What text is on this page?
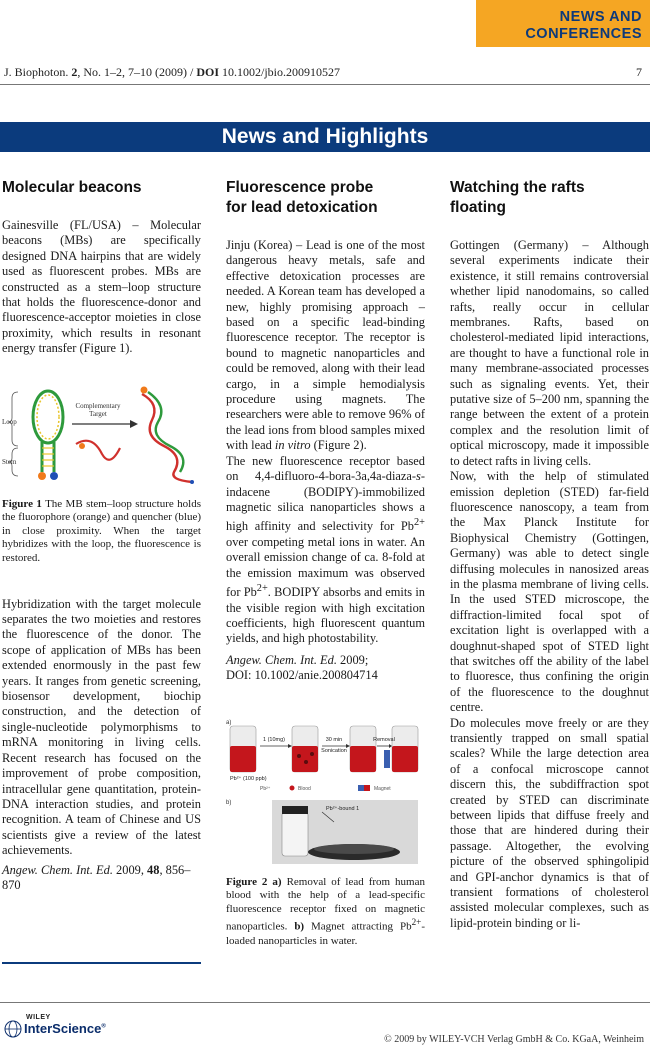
NEWS AND
CONFERENCES
J. Biophoton. 2, No. 1–2, 7–10 (2009) / DOI 10.1002/jbio.200910527	7
News and Highlights
Molecular beacons

Gainesville (FL/USA) – Molecular beacons (MBs) are specifically designed DNA hairpins that are widely used as fluorescent probes. MBs are constructed as a stem–loop structure that holds the fluorescence-donor and fluorescence-acceptor moieties in close proximity, which results in resonant energy transfer (Figure 1).

Loop
Stem
Complementary
Target
Figure 1 The MB stem–loop structure holds the fluorophore (orange) and quencher (blue) in close proximity. When the target hybridizes with the loop, the fluorescence is restored.

Hybridization with the target molecule separates the two moieties and restores the fluorescence of the donor. The scope of application of MBs has been extended enormously in the past few years. It ranges from genetic screening, biosensor development, biochip construction, and the detection of single-nucleotide polymorphisms to mRNA monitoring in living cells. Recent research has focused on the improvement of probe composition, intracellular gene quantitation, protein-DNA interaction studies, and protein recognition. A team of Chinese and US scientists give a review of the latest achievements.

Angew. Chem. Int. Ed. 2009, 48, 856–870
Fluorescence probe
for lead detoxication

Jinju (Korea) – Lead is one of the most dangerous heavy metals, safe and effective detoxication processes are needed. A Korean team has developed a new, highly promising approach – based on a specific lead-binding fluorescence receptor. The receptor is bound to magnetic nanoparticles and could be removed, along with their lead cargo, in a simple hemodialysis procedure using magnets. The researchers were able to remove 96% of the lead ions from blood samples mixed with lead in vitro (Figure 2).

The new fluorescence receptor based on 4,4-difluoro-4-bora-3a,4a-diaza-s-indacene (BODIPY)-immobilized magnetic silica nanoparticles shows a high affinity and selectivity for $Pb^{2+}$ over competing metal ions in water. An overall emission change of ca. 8-fold at the emission maximum was observed for $Pb^{2+}$. BODIPY absorbs and emits in the visible region with high excitation coefficients, high fluorescent quantum yields, and high photostability.

Angew. Chem. Int. Ed. 2009;
DOI: 10.1002/anie.200804714
a)
1 (10mg)	30 min
Sonication
Removal
Pb²⁺ (100 ppb)
Pb²⁺	Blood	Magnet
b)
Pb²⁺-bound 1
Figure 2 a) Removal of lead from human blood with the help of a lead-specific fluorescence receptor fixed on magnetic nanoparticles. b) Magnet attracting $Pb^{2+}$-loaded nanoparticles in water.
Watching the rafts
floating

Gottingen (Germany) – Although several experiments indicate their existence, it still remains controversial whether lipid nanodomains, so called rafts, really occur in cellular membranes. Rafts, based on cholesterol-mediated lipid interactions, are thought to have a functional role in many membrane-associated processes such as signaling events. Yet, their putative size of 5–200 nm, spanning the range between the extent of a protein complex and the resolution limit of optical microscopy, made it impossible to detect rafts in living cells.

Now, with the help of stimulated emission depletion (STED) far-field fluorescence nanoscopy, a team from the Max Planck Institute for Biophysical Chemistry (Gottingen, Germany) was able to detect single diffusing molecules in nanosized areas in the plasma membrane of living cells. In the used STED microscope, the diffraction-limited focal spot of excitation light is overlapped with a doughnut-shaped spot of STED light that switches off the ability of the label to fluoresce, thus confining the origin of the fluorescence to the doughnut centre.

Do molecules move freely or are they transiently trapped on small spatial scales? While the large detection area of a confocal microscope cannot discern this, the subdiffraction spot created by STED can discriminate between lipids that diffuse freely and those that are hindered during their passage. Altogether, the evolving picture of the observed sphingolipid and GPI-anchor dynamics is that of transient formations of cholesterol assisted molecular complexes, such as lipid-protein binding or li-

WILEY
InterScience®
© 2009 by WILEY-VCH Verlag GmbH & Co. KGaA, Weinheim
